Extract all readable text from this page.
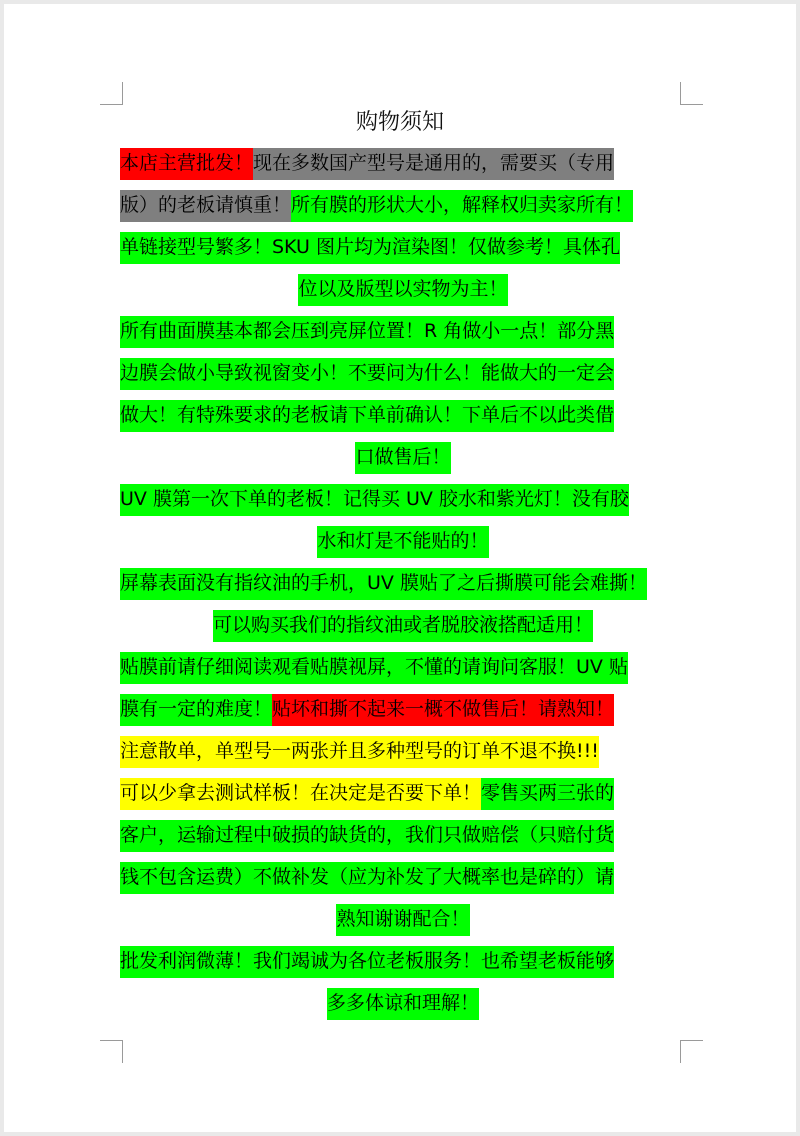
购物须知
本店主营批发！现在多数国产型号是通用的，需要买（专用
版）的老板请慎重！所有膜的形状大小，解释权归卖家所有！
单链接型号繁多！SKU 图片均为渲染图！仅做参考！具体孔
位以及版型以实物为主！
所有曲面膜基本都会压到亮屏位置！R 角做小一点！部分黑
边膜会做小导致视窗变小！不要问为什么！能做大的一定会
做大！有特殊要求的老板请下单前确认！下单后不以此类借
口做售后！
UV 膜第一次下单的老板！记得买 UV 胶水和紫光灯！没有胶
水和灯是不能贴的！
屏幕表面没有指纹油的手机，UV 膜贴了之后撕膜可能会难撕！
可以购买我们的指纹油或者脱胶液搭配适用！
贴膜前请仔细阅读观看贴膜视屏，不懂的请询问客服！UV 贴
膜有一定的难度！贴坏和撕不起来一概不做售后！请熟知！
注意散单，单型号一两张并且多种型号的订单不退不换!!!
可以少拿去测试样板！在决定是否要下单！零售买两三张的
客户，运输过程中破损的缺货的，我们只做赔偿（只赔付货
钱不包含运费）不做补发（应为补发了大概率也是碎的）请
熟知谢谢配合！
批发利润微薄！我们竭诚为各位老板服务！也希望老板能够
多多体谅和理解！
